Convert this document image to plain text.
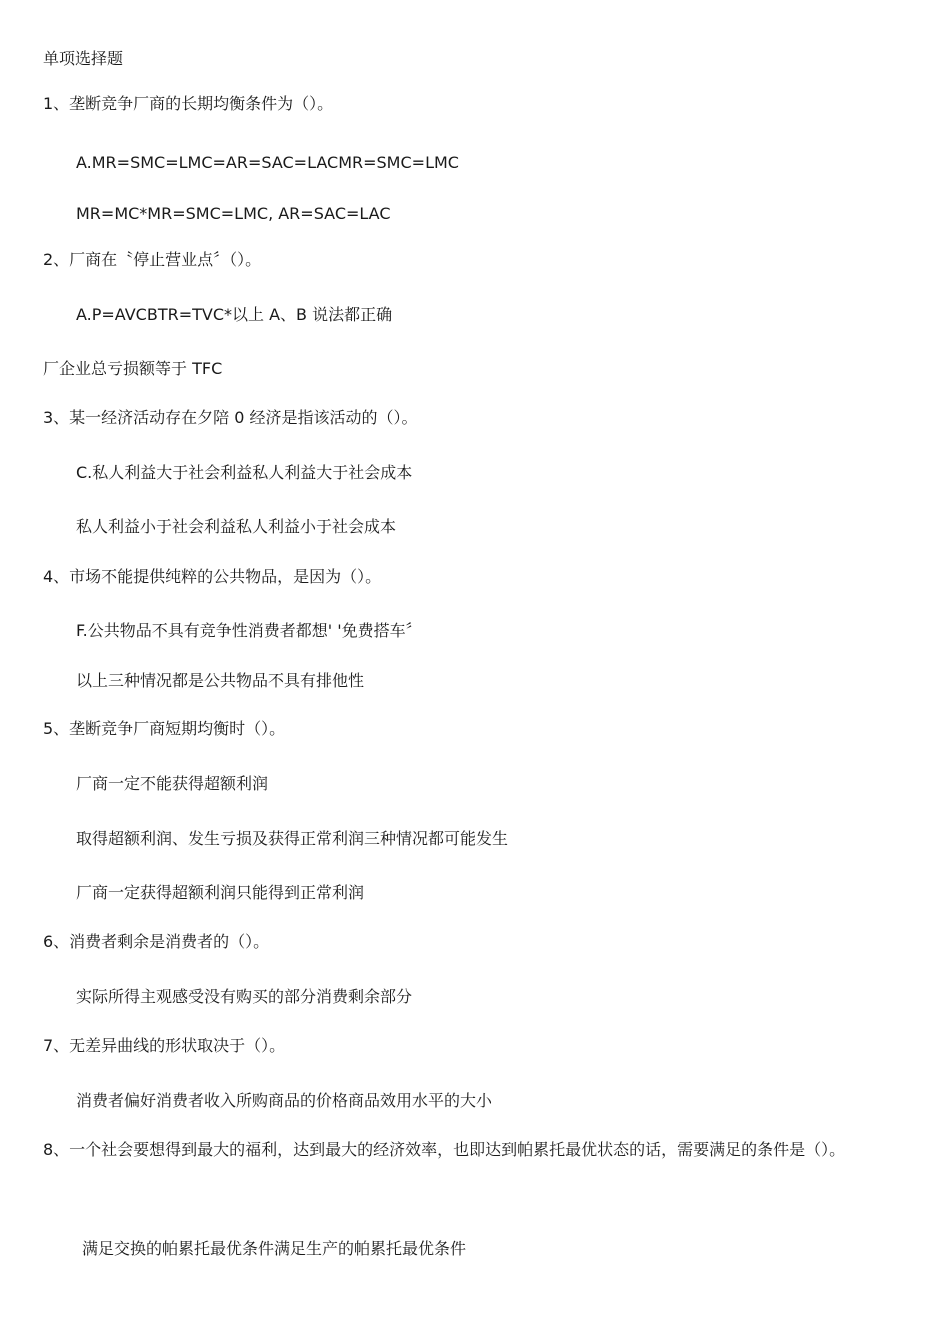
单项选择题

1、垄断竞争厂商的长期均衡条件为（）。

A.MR=SMC=LMC=AR=SAC=LACMR=SMC=LMC

MR=MC*MR=SMC=LMC, AR=SAC=LAC

2、厂商在〝停止营业点〞（）。

A.P=AVCBTR=TVC*以上 A、B 说法都正确

厂企业总亏损额等于 TFC

3、某一经济活动存在夕陪 0 经济是指该活动的（）。

C.私人利益大于社会利益私人利益大于社会成本

私人利益小于社会利益私人利益小于社会成本

4、市场不能提供纯粹的公共物品，是因为（）。

F.公共物品不具有竞争性消费者都想' '免费搭车〞

以上三种情况都是公共物品不具有排他性

5、垄断竞争厂商短期均衡时（）。

厂商一定不能获得超额利润

取得超额利润、发生亏损及获得正常利润三种情况都可能发生

厂商一定获得超额利润只能得到正常利润

6、消费者剩余是消费者的（）。

实际所得主观感受没有购买的部分消费剩余部分

7、无差异曲线的形状取决于（）。

消费者偏好消费者收入所购商品的价格商品效用水平的大小

8、一个社会要想得到最大的福利，达到最大的经济效率，也即达到帕累托最优状态的话，需要满足的条件是（）。

满足交换的帕累托最优条件满足生产的帕累托最优条件
